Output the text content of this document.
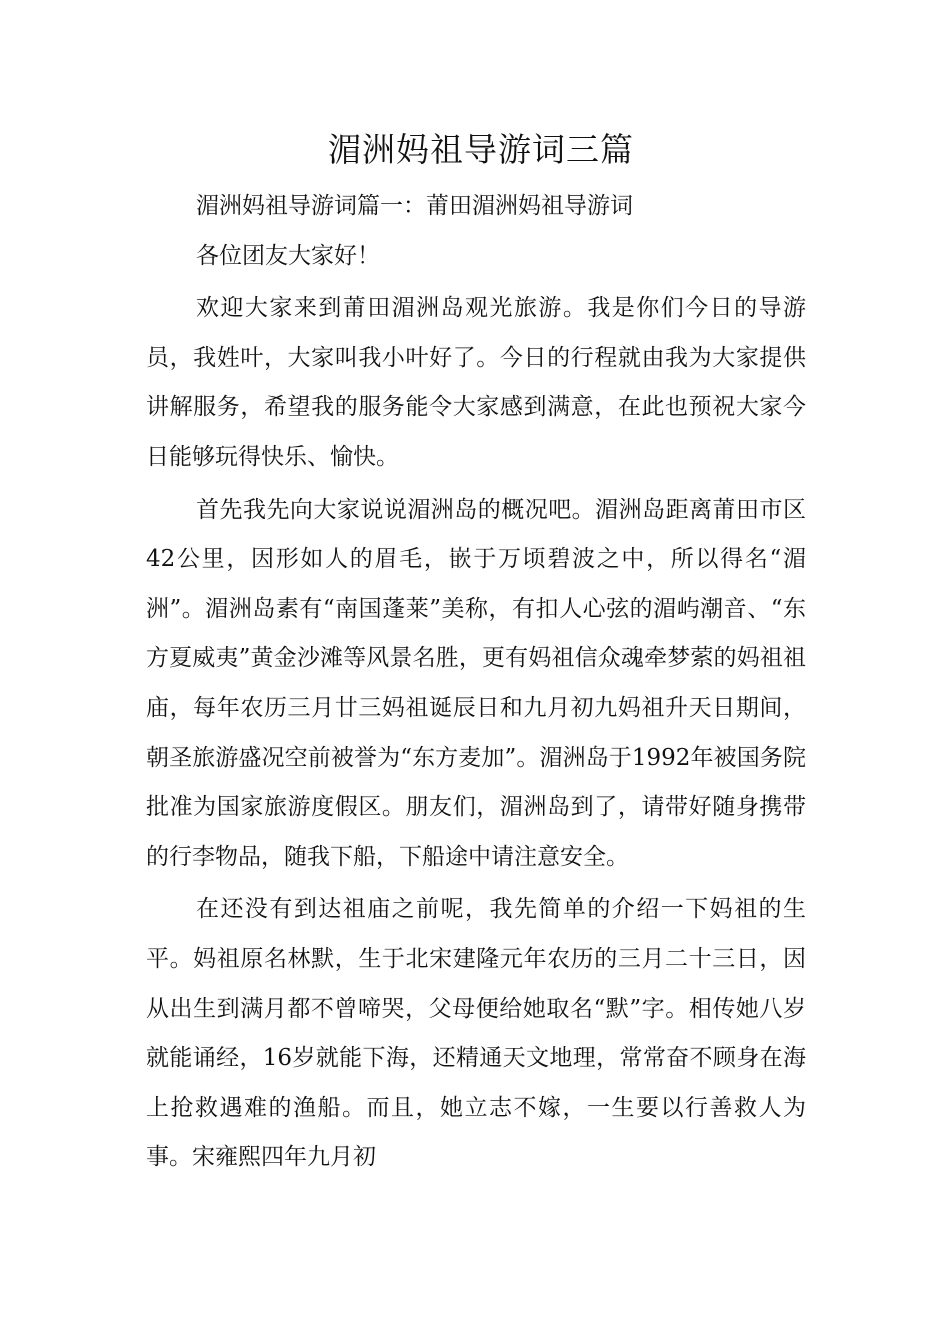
湄洲妈祖导游词三篇

湄洲妈祖导游词篇一：莆田湄洲妈祖导游词

各位团友大家好！

欢迎大家来到莆田湄洲岛观光旅游。我是你们今日的导游员，我姓叶，大家叫我小叶好了。今日的行程就由我为大家提供讲解服务，希望我的服务能令大家感到满意，在此也预祝大家今日能够玩得快乐、愉快。

首先我先向大家说说湄洲岛的概况吧。湄洲岛距离莆田市区42公里，因形如人的眉毛，嵌于万顷碧波之中，所以得名“湄洲”。湄洲岛素有“南国蓬莱”美称，有扣人心弦的湄屿潮音、“东方夏威夷”黄金沙滩等风景名胜，更有妈祖信众魂牵梦萦的妈祖祖庙，每年农历三月廿三妈祖诞辰日和九月初九妈祖升天日期间，朝圣旅游盛况空前被誉为“东方麦加”。湄洲岛于1992年被国务院批准为国家旅游度假区。朋友们，湄洲岛到了，请带好随身携带的行李物品，随我下船，下船途中请注意安全。

在还没有到达祖庙之前呢，我先简单的介绍一下妈祖的生平。妈祖原名林默，生于北宋建隆元年农历的三月二十三日，因从出生到满月都不曾啼哭，父母便给她取名“默”字。相传她八岁就能诵经，16岁就能下海，还精通天文地理，常常奋不顾身在海上抢救遇难的渔船。而且，她立志不嫁，一生要以行善救人为事。宋雍熙四年九月初
